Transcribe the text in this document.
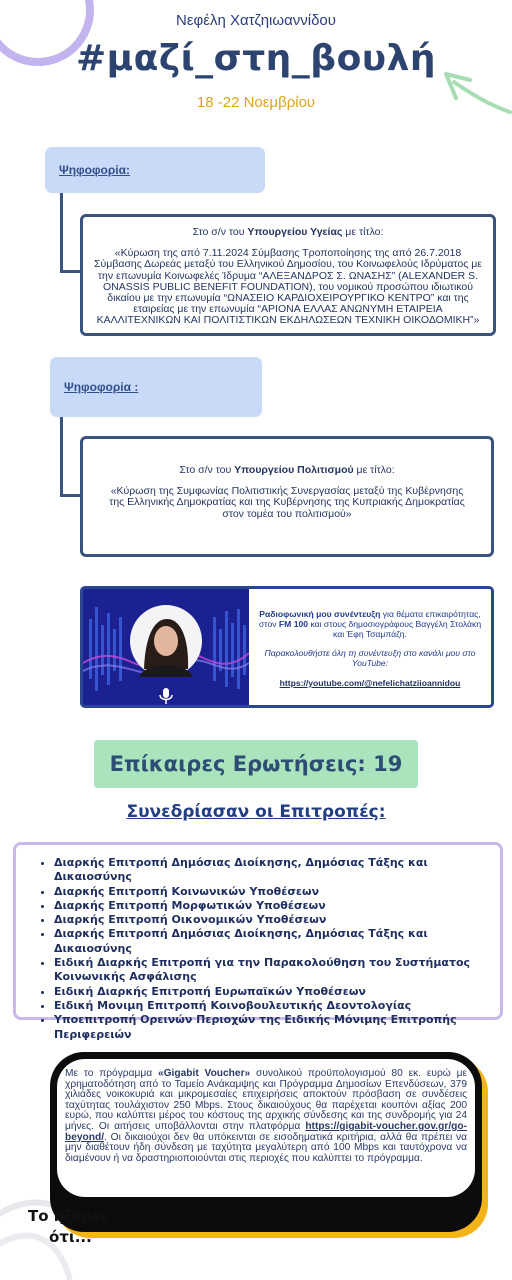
Νεφέλη Χατζηιωαννίδου
#μαζί_στη_βουλή
18 -22 Νοεμβρίου
Ψηφοφορία:
Στο σ/ν του Υπουργείου Υγείας με τίτλο:
«Κύρωση της από 7.11.2024 Σύμβασης Τροποποίησης της από 26.7.2018 Σύμβασης Δωρεάς μεταξύ του Ελληνικού Δημοσίου, του Κοινωφελούς Ιδρύματος με την επωνυμία Κοινωφελές Ίδρυμα “ΑΛΕΞΑΝΔΡΟΣ Σ. ΩΝΑΣΗΣ” (ALEXANDER S. ONASSIS PUBLIC BENEFIT FOUNDATION), του νομικού προσώπου ιδιωτικού δικαίου με την επωνυμία “ΩΝΑΣΕΙΟ ΚΑΡΔΙΟΧΕΙΡΟΥΡΓΙΚΟ ΚΕΝΤΡΟ” και της εταιρείας με την επωνυμία “ΑΡΙΟΝΑ ΕΛΛΑΣ ΑΝΩΝΥΜΗ ΕΤΑΙΡΕΙΑ ΚΑΛΛΙΤΕΧΝΙΚΩΝ ΚΑΙ ΠΟΛΙΤΙΣΤΙΚΩΝ ΕΚΔΗΛΩΣΕΩΝ ΤΕΧΝΙΚΗ ΟΙΚΟΔΟΜΙΚΗ”»
Ψηφοφορία :
Στο σ/ν του Υπουργείου Πολιτισμού με τίτλο:
«Κύρωση της Συμφωνίας Πολιτιστικής Συνεργασίας μεταξύ της Κυβέρνησης της Ελληνικής Δημοκρατίας και της Κυβέρνησης της Κυπριακής Δημοκρατίας στον τομέα του πολιτισμού»
Ραδιοφωνική μου συνέντευξη για θέματα επικαιρότητας, στον FM 100 και στους δημοσιογράφους Βαγγέλη Στολάκη και Έφη Τσαμπάζη.
Παρακολουθήστε όλη τη συνέντευξη στο κανάλι μου στο YouTube:
https://youtube.com/@nefelichatziioannidou
Επίκαιρες Ερωτήσεις: 19
Συνεδρίασαν οι Επιτροπές:
• Διαρκής Επιτροπή Δημόσιας Διοίκησης, Δημόσιας Τάξης και Δικαιοσύνης
• Διαρκής Επιτροπή Κοινωνικών Υποθέσεων
• Διαρκής Επιτροπή Μορφωτικών Υποθέσεων
• Διαρκής Επιτροπή Οικονομικών Υποθέσεων
• Διαρκής Επιτροπή Δημόσιας Διοίκησης, Δημόσιας Τάξης και Δικαιοσύνης
• Ειδική Διαρκής Επιτροπή για την Παρακολούθηση του Συστήματος Κοινωνικής Ασφάλισης
• Ειδική Διαρκής Επιτροπή Ευρωπαϊκών Υποθέσεων
• Ειδική Μονιμη Επιτροπή Κοινοβουλευτικής Δεοντολογίας
• Υποεπιτροπή Ορεινών Περιοχών της Ειδικής Μόνιμης Επιτροπής Περιφερειών
Με το πρόγραμμα «Gigabit Voucher» συνολικού προϋπολογισμού 80 εκ. ευρώ με χρηματοδότηση από το Ταμείο Ανάκαμψης και Πρόγραμμα Δημοσίων Επενδύσεων, 379 χιλιάδες νοικοκυριά και μικρομεσαίες επιχειρήσεις αποκτούν πρόσβαση σε συνδέσεις ταχύτητας τουλάχιστον 250 Mbps. Στους δικαιούχους θα παρέχεται κουπόνι αξίας 200 ευρώ, που καλύπτει μέρος του κόστους της αρχικής σύνδεσης και της συνδρομής για 24 μήνες. Οι αιτήσεις υποβάλλονται στην πλατφόρμα https://gigabit-voucher.gov.gr/go-beyond/. Οι δικαιούχοι δεν θα υπόκεινται σε εισοδηματικά κριτήρια, αλλά θα πρέπει να μην διαθέτουν ήδη σύνδεση με ταχύτητα μεγαλύτερη από 100 Mbps και ταυτόχρονα να διαμένουν ή να δραστηριοποιούνται στις περιοχές που καλύπτει το πρόγραμμα.
Το ήξερες
ότι...
